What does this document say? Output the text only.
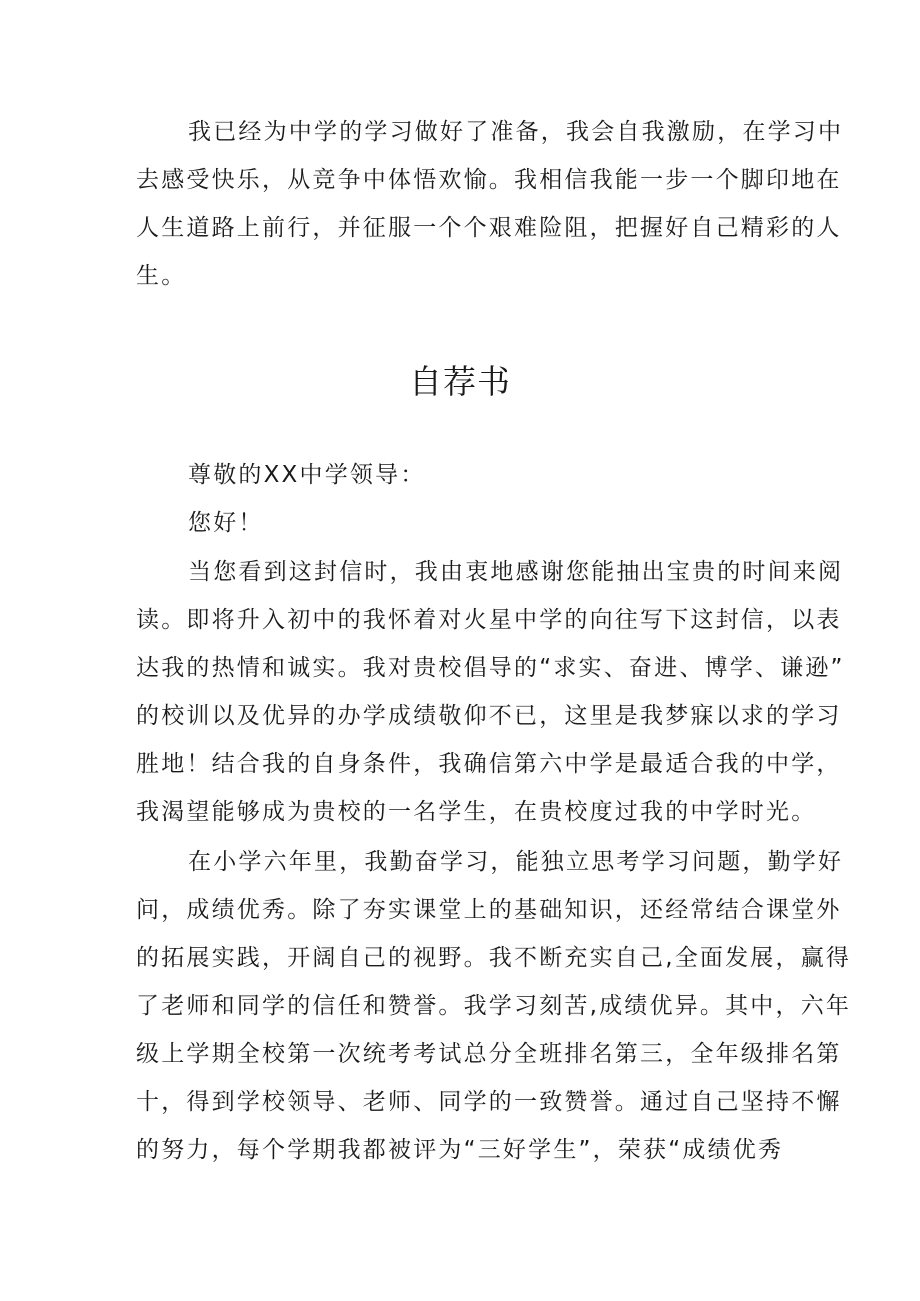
我已经为中学的学习做好了准备，我会自我激励，在学习中
去感受快乐，从竞争中体悟欢愉。我相信我能一步一个脚印地在
人生道路上前行，并征服一个个艰难险阻，把握好自己精彩的人
生。
自荐书
尊敬的XX中学领导：
您好！
当您看到这封信时，我由衷地感谢您能抽出宝贵的时间来阅
读。即将升入初中的我怀着对火星中学的向往写下这封信，以表
达我的热情和诚实。我对贵校倡导的“求实、奋进、博学、谦逊”
的校训以及优异的办学成绩敬仰不已，这里是我梦寐以求的学习
胜地！结合我的自身条件，我确信第六中学是最适合我的中学，
我渴望能够成为贵校的一名学生，在贵校度过我的中学时光。
在小学六年里，我勤奋学习，能独立思考学习问题，勤学好
问，成绩优秀。除了夯实课堂上的基础知识，还经常结合课堂外
的拓展实践，开阔自己的视野。我不断充实自己,全面发展，赢得
了老师和同学的信任和赞誉。我学习刻苦,成绩优异。其中，六年
级上学期全校第一次统考考试总分全班排名第三，全年级排名第
十，得到学校领导、老师、同学的一致赞誉。通过自己坚持不懈
的努力，每个学期我都被评为“三好学生”，荣获“成绩优秀
